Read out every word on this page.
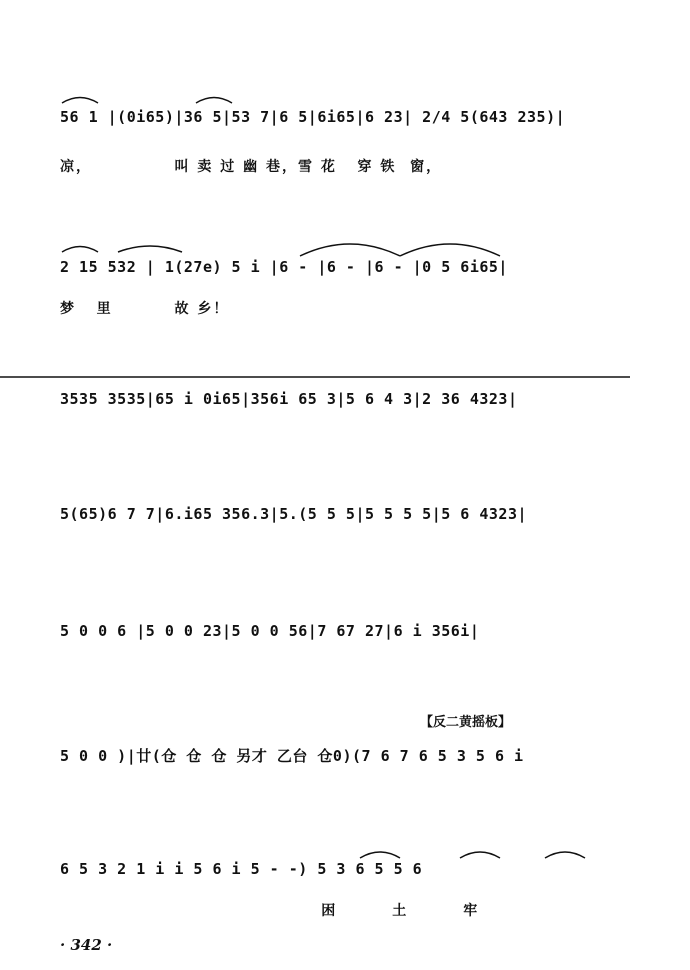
56 1 |(0i65)|36 5|53 7|6 5|6i65|6 23| 2/4 5(643 235)|
凉，            叫 卖 过 幽 巷，雪 花   穿 铁  窗，
2 15 532 | 1(27e) 5 i |6 - |6 - |6 - |0 5 6i65|
梦   里         故 乡！
3535 3535|65 i 0i65|356i 65 3|5 6 4 3|2 36 4323|
5(65)6 7 7|6.i65 356.3|5.(5 5 5|5 5 5 5|5 6 4323|
5 0 0 6 |5 0 0 23|5 0 0 56|7 67 27|6 i 356i|
【反二黄摇板】
5 0 0 )|廿(仓 仓 仓 另才 乙台 仓0)(7 6 7 6 5 3 5 6 i
6 5 3 2 1 i i 5 6 i 5 - -) 5 3 6 5 5 6
困        土        牢
· 342 ·
